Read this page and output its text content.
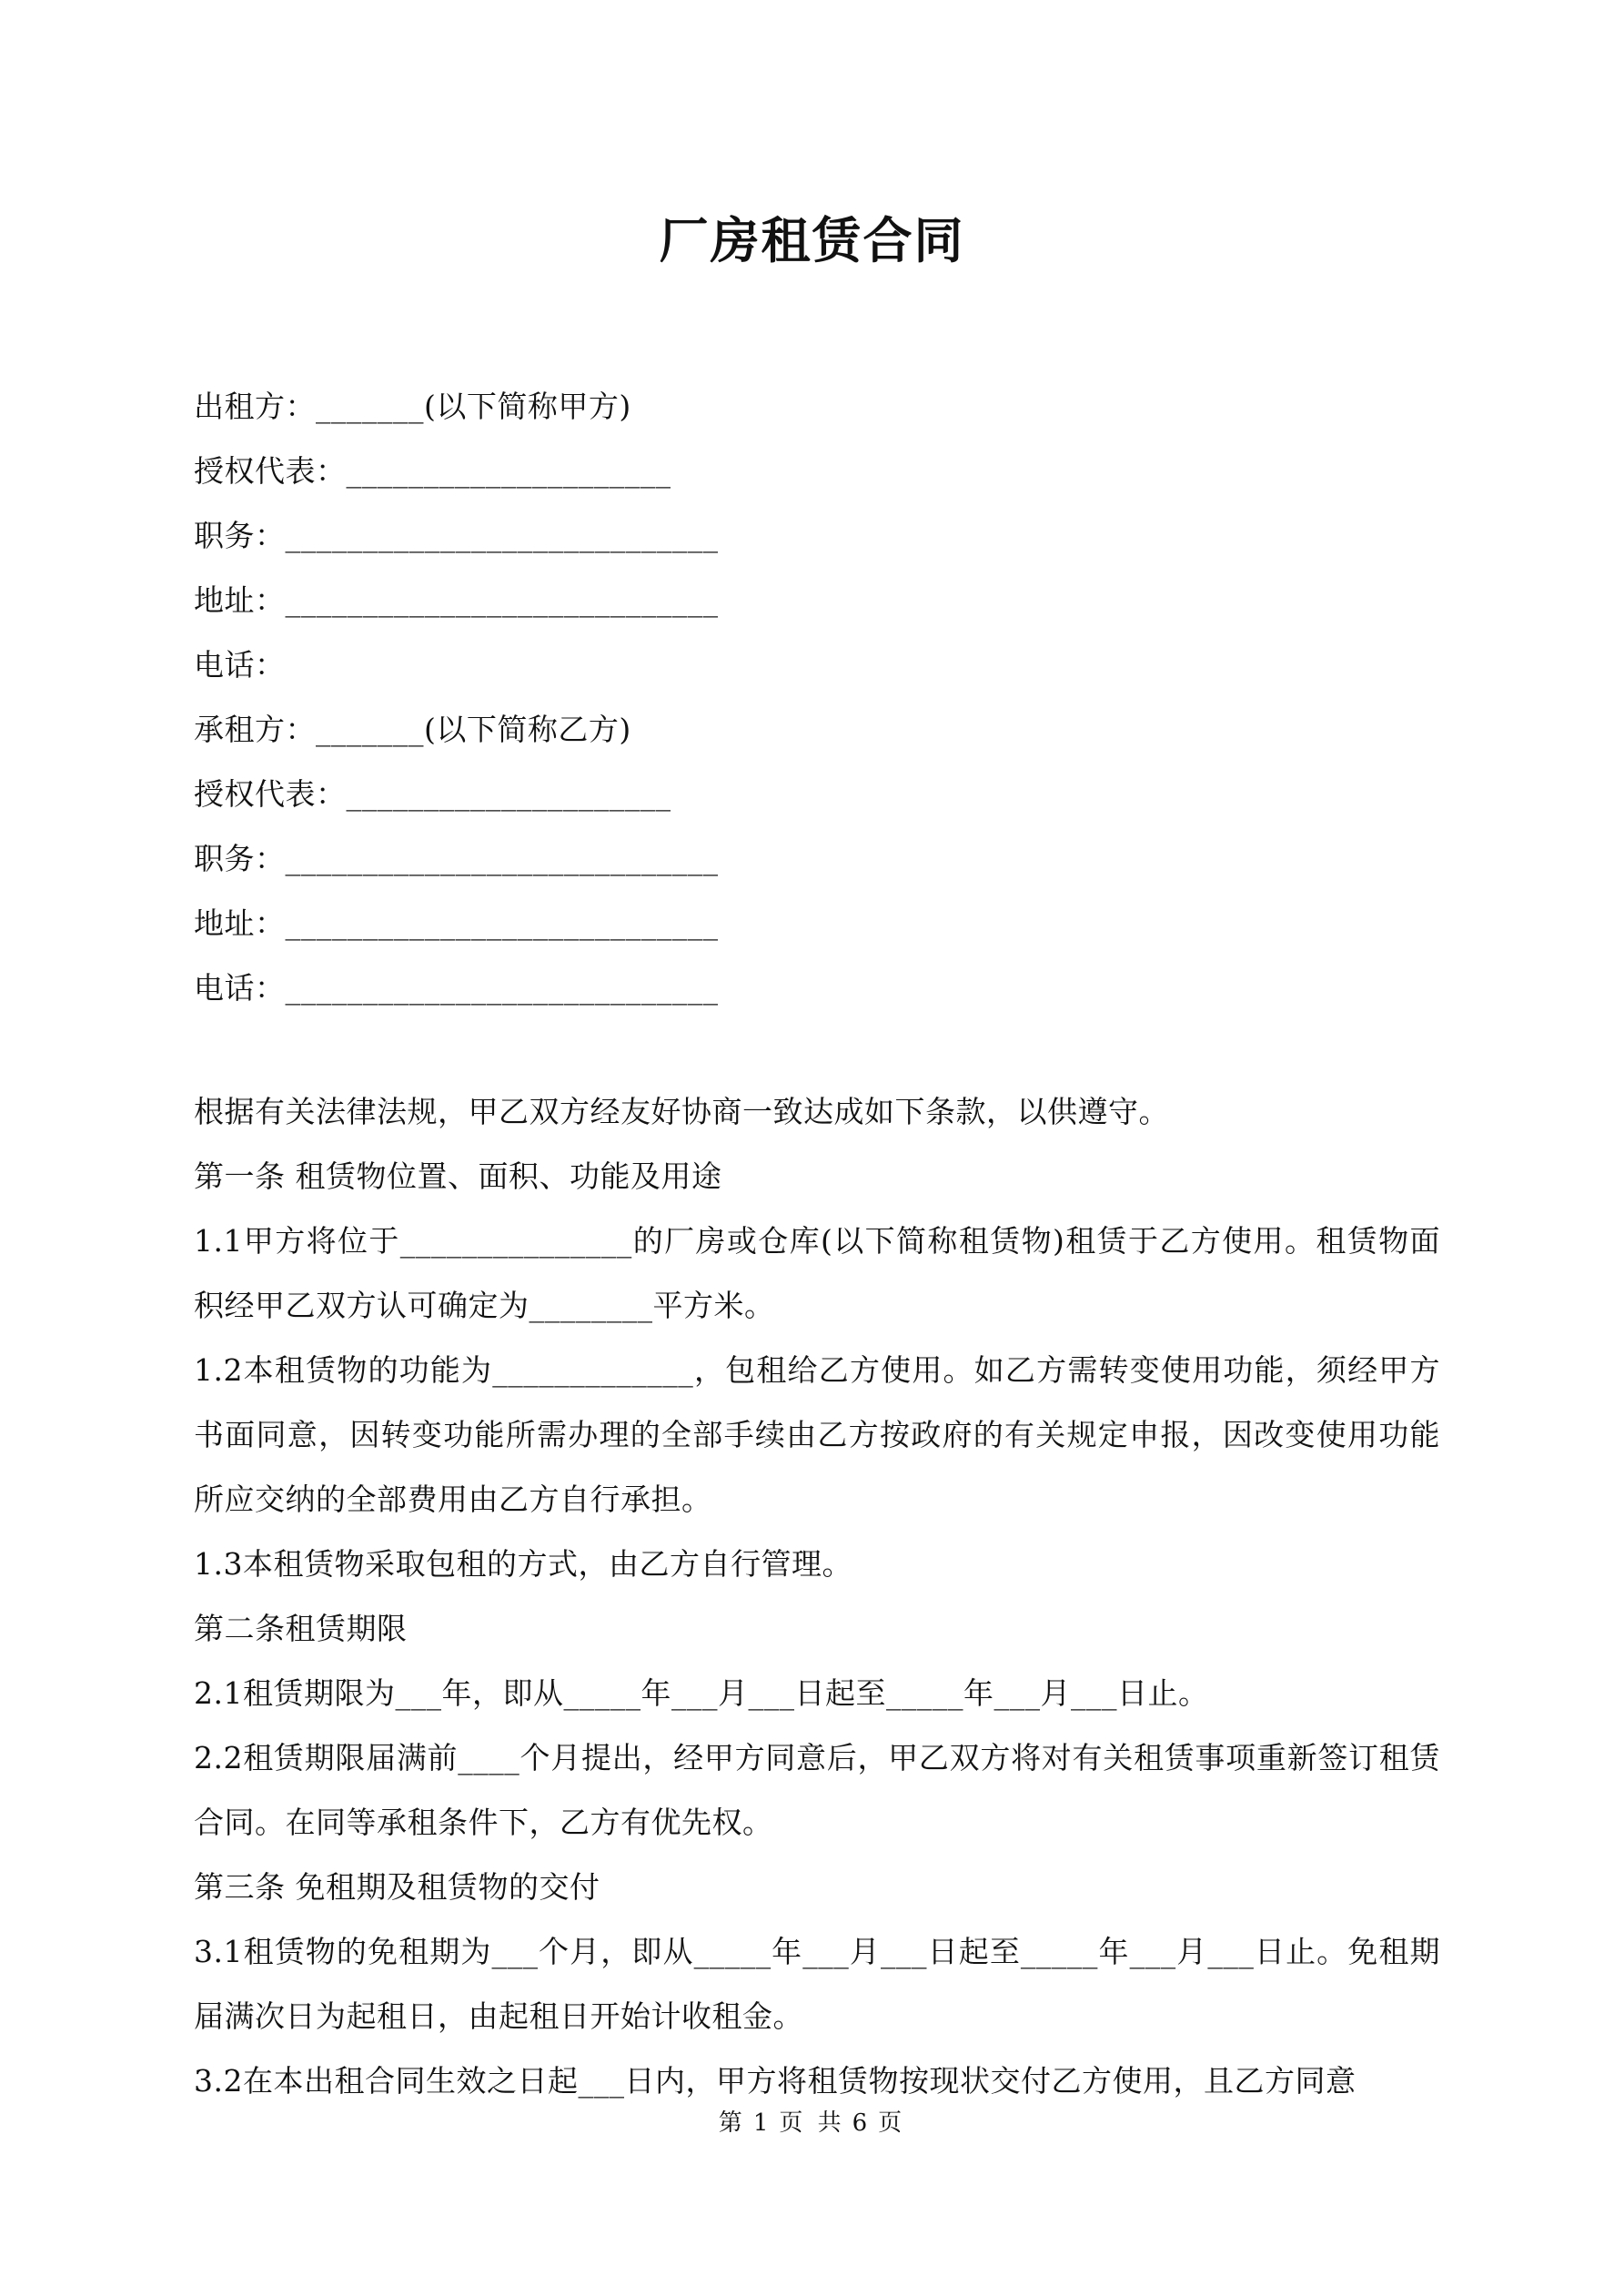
厂房租赁合同
出租方：_______(以下简称甲方)
授权代表：_____________________
职务：____________________________
地址：____________________________
电话：
承租方：_______(以下简称乙方)
授权代表：_____________________
职务：____________________________
地址：____________________________
电话：____________________________
根据有关法律法规，甲乙双方经友好协商一致达成如下条款，以供遵守。
第一条 租赁物位置、面积、功能及用途
1.1甲方将位于_______________的厂房或仓库(以下简称租赁物)租赁于乙方使用。租赁物面积经甲乙双方认可确定为________平方米。
1.2本租赁物的功能为_____________，包租给乙方使用。如乙方需转变使用功能，须经甲方书面同意，因转变功能所需办理的全部手续由乙方按政府的有关规定申报，因改变使用功能所应交纳的全部费用由乙方自行承担。
1.3本租赁物采取包租的方式，由乙方自行管理。
第二条租赁期限
2.1租赁期限为___年，即从_____年___月___日起至_____年___月___日止。
2.2租赁期限届满前____个月提出，经甲方同意后，甲乙双方将对有关租赁事项重新签订租赁合同。在同等承租条件下，乙方有优先权。
第三条 免租期及租赁物的交付
3.1租赁物的免租期为___个月，即从_____年___月___日起至_____年___月___日止。免租期届满次日为起租日，由起租日开始计收租金。
3.2在本出租合同生效之日起___日内，甲方将租赁物按现状交付乙方使用，且乙方同意
第 1 页 共 6 页
